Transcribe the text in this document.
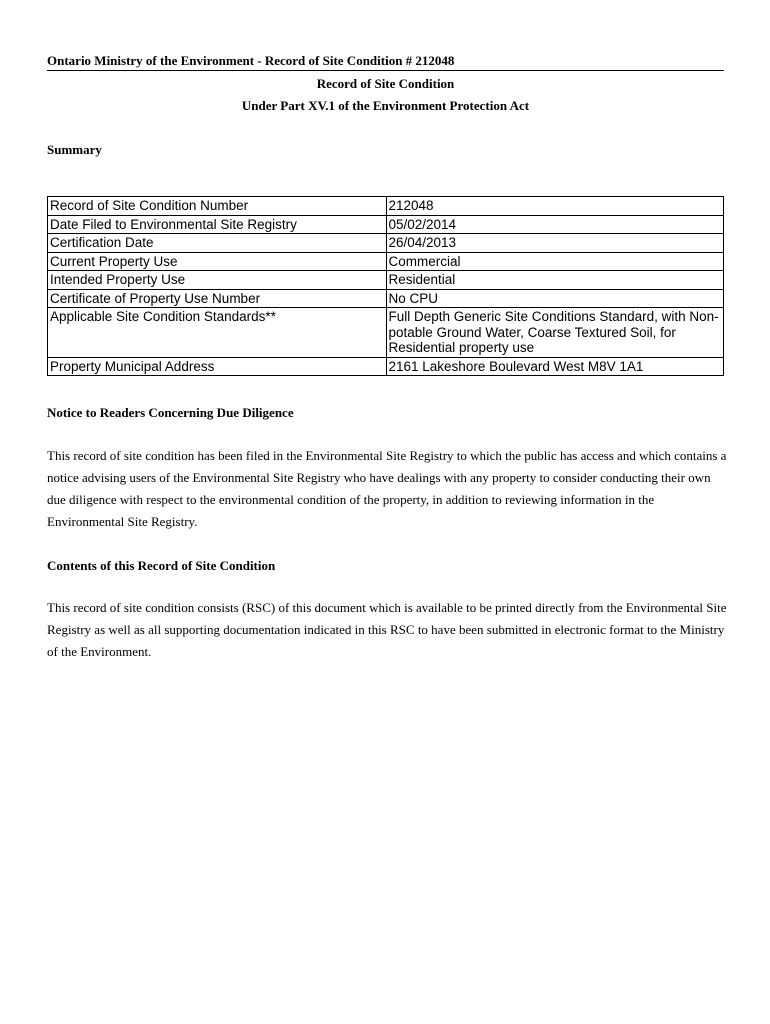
Ontario Ministry of the Environment - Record of Site Condition # 212048
Record of Site Condition
Under Part XV.1 of the Environment Protection Act
Summary
Record of Site Condition Number	212048
Date Filed to Environmental Site Registry	05/02/2014
Certification Date	26/04/2013
Current Property Use	Commercial
Intended Property Use	Residential
Certificate of Property Use Number	No CPU
Applicable Site Condition Standards**	Full Depth Generic Site Conditions Standard, with Non-potable Ground Water, Coarse Textured Soil, for Residential property use
Property Municipal Address	2161 Lakeshore Boulevard West M8V 1A1
Notice to Readers Concerning Due Diligence
This record of site condition has been filed in the Environmental Site Registry to which the public has access and which contains a notice advising users of the Environmental Site Registry who have dealings with any property to consider conducting their own due diligence with respect to the environmental condition of the property, in addition to reviewing information in the Environmental Site Registry.
Contents of this Record of Site Condition
This record of site condition consists (RSC) of this document which is available to be printed directly from the Environmental Site Registry as well as all supporting documentation indicated in this RSC to have been submitted in electronic format to the Ministry of the Environment.
